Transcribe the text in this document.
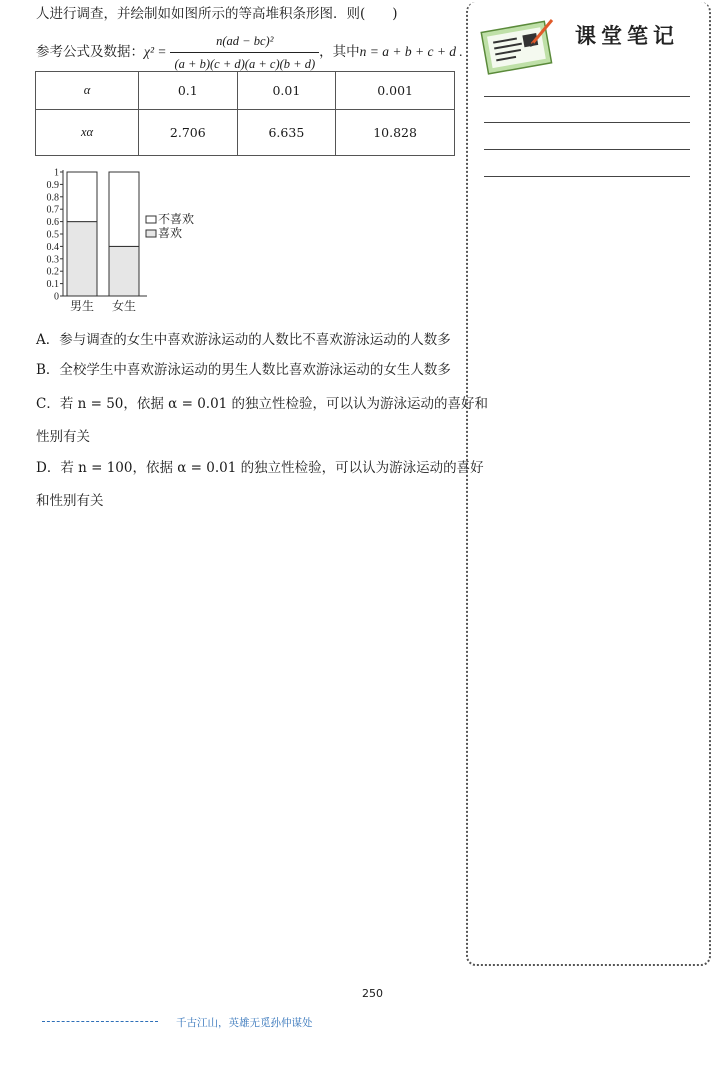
人进行调查，并绘制如如图所示的等高堆积条形图．则(　　)
参考公式及数据： $\chi^2 = \frac{\text{n(ad − bc)²}}{(a + b)(c + d)(a + c)(b + d)}$ ，其中 n = a + b + c + d .
α	0.1	0.01	0.001
xα	2.706	6.635	10.828
0
0.1
0.2
0.3
0.4
0.5
0.6
0.7
0.8
0.9
1
男生 女生
不喜欢
喜欢
A．参与调查的女生中喜欢游泳运动的人数比不喜欢游泳运动的人数多
B．全校学生中喜欢游泳运动的男生人数比喜欢游泳运动的女生人数多
C．若 n = 50，依据 α = 0.01 的独立性检验，可以认为游泳运动的喜好和
性别有关
D．若 n = 100，依据 α = 0.01 的独立性检验，可以认为游泳运动的喜好
和性别有关
课堂笔记
250
千古江山，英雄无觅孙仲谋处
